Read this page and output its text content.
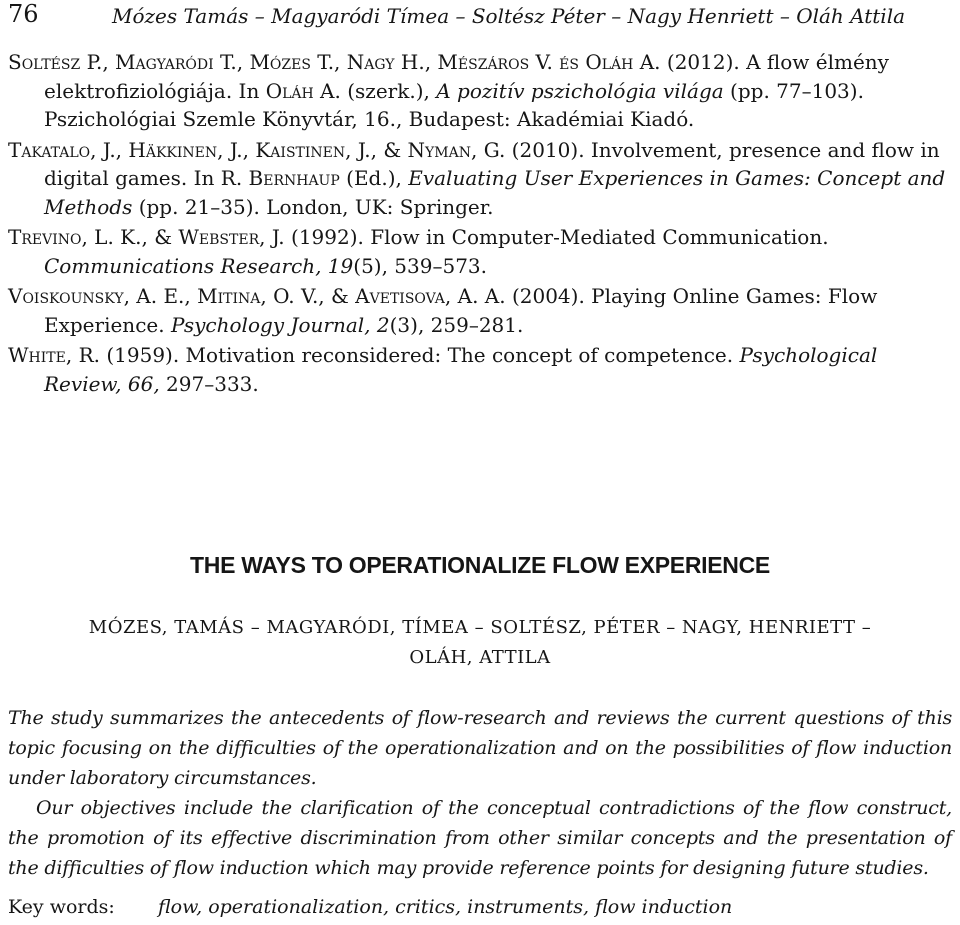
76	Mózes Tamás – Magyaródi Tímea – Soltész Péter – Nagy Henriett – Oláh Attila
Soltész P., Magyaródi T., Mózes T., Nagy H., Mészáros V. és Oláh A. (2012). A flow élmény elektrofiziológiája. In Oláh A. (szerk.), A pozitív pszichológia világa (pp. 77–103). Pszichológiai Szemle Könyvtár, 16., Budapest: Akadémiai Kiadó.
Takatalo, J., Häkkinen, J., Kaistinen, J., & Nyman, G. (2010). Involvement, presence and flow in digital games. In R. Bernhaup (Ed.), Evaluating User Experiences in Games: Concept and Methods (pp. 21–35). London, UK: Springer.
Trevino, L. K., & Webster, J. (1992). Flow in Computer-Mediated Communication. Communications Research, 19(5), 539–573.
Voiskounsky, A. E., Mitina, O. V., & Avetisova, A. A. (2004). Playing Online Games: Flow Experience. Psychology Journal, 2(3), 259–281.
White, R. (1959). Motivation reconsidered: The concept of competence. Psychological Review, 66, 297–333.
THE WAYS TO OPERATIONALIZE FLOW EXPERIENCE
MÓZES, TAMÁS – MAGYARÓDI, TÍMEA – SOLTÉSZ, PÉTER – NAGY, HENRIETT – OLÁH, ATTILA

The study summarizes the antecedents of flow-research and reviews the current questions of this topic focusing on the difficulties of the operationalization and on the possibilities of flow induction under laboratory circumstances.

Our objectives include the clarification of the conceptual contradictions of the flow construct, the promotion of its effective discrimination from other similar concepts and the presentation of the difficulties of flow induction which may provide reference points for designing future studies.

Key words: flow, operationalization, critics, instruments, flow induction
